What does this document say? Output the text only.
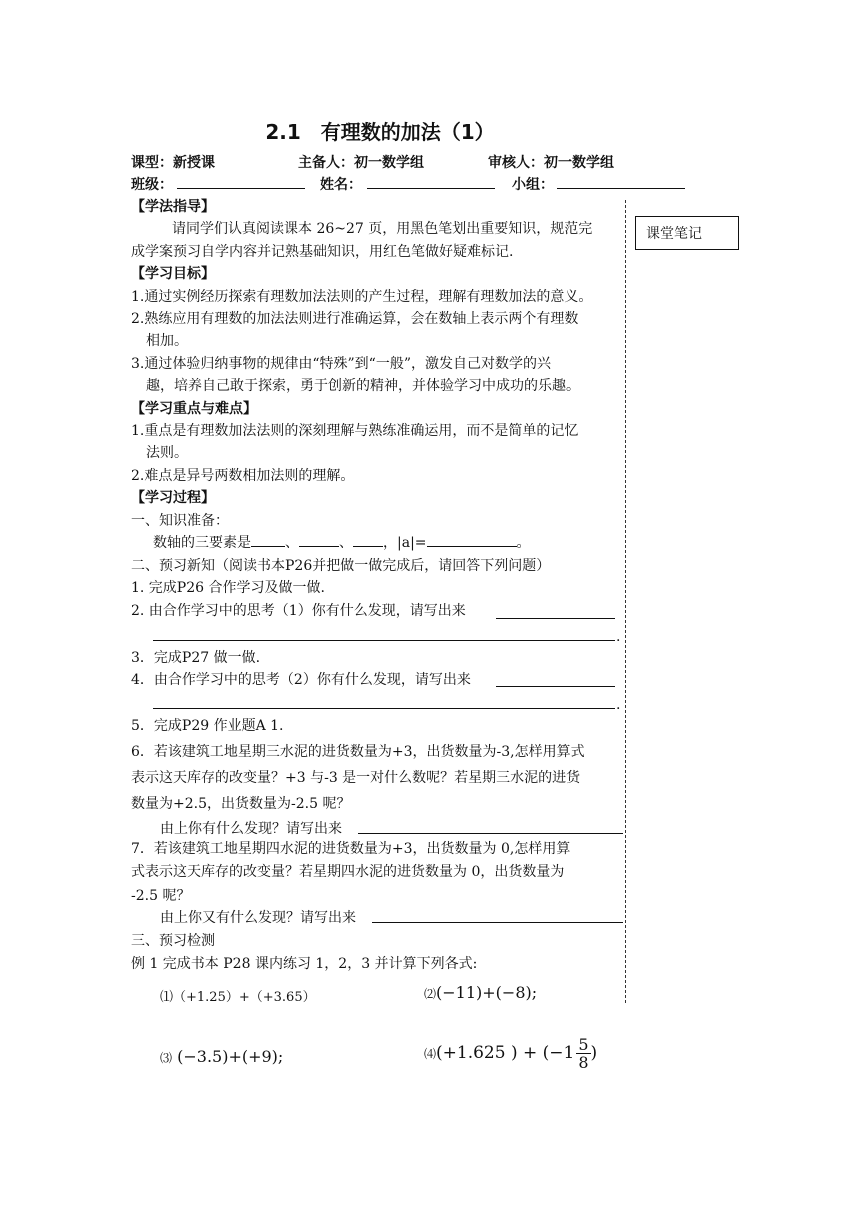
2.1　有理数的加法（1）
课型：新授课	主备人：初一数学组	审核人：初一数学组
班级：	姓名：	小组：
课堂笔记
【学法指导】
请同学们认真阅读课本 26~27 页，用黑色笔划出重要知识，规范完
成学案预习自学内容并记熟基础知识，用红色笔做好疑难标记.
【学习目标】
1.通过实例经历探索有理数加法法则的产生过程，理解有理数加法的意义。
2.熟练应用有理数的加法法则进行准确运算，会在数轴上表示两个有理数
相加。
3.通过体验归纳事物的规律由“特殊”到“一般”，激发自己对数学的兴
趣，培养自己敢于探索，勇于创新的精神，并体验学习中成功的乐趣。
【学习重点与难点】
1.重点是有理数加法法则的深刻理解与熟练准确运用，而不是简单的记忆
法则。
2.难点是异号两数相加法则的理解。
【学习过程】
一、知识准备：
数轴的三要素是 、	、 ，|a|=	。
二、预习新知（阅读书本P26并把做一做完成后，请回答下列问题）
1. 完成P26 合作学习及做一做.
2. 由合作学习中的思考（1）你有什么发现，请写出来
.
3．完成P27 做一做.
4．由合作学习中的思考（2）你有什么发现，请写出来
.
5．完成P29 作业题A 1.
6．若该建筑工地星期三水泥的进货数量为+3，出货数量为-3,怎样用算式
表示这天库存的改变量？+3 与-3 是一对什么数呢？若星期三水泥的进货
数量为+2.5，出货数量为-2.5 呢？
由上你有什么发现？请写出来
7．若该建筑工地星期四水泥的进货数量为+3，出货数量为 0,怎样用算
式表示这天库存的改变量？若星期四水泥的进货数量为 0，出货数量为
-2.5 呢？
由上你又有什么发现？请写出来
三、预习检测
例 1 完成书本 P28 课内练习 1，2，3 并计算下列各式:
⑴（+1.25）+（+3.65）	⑵(−11)+(−8);
⑶ (−3.5)+(+9);	⑷(+1.625 ) + ($-1 \frac{5}{8}$ )
